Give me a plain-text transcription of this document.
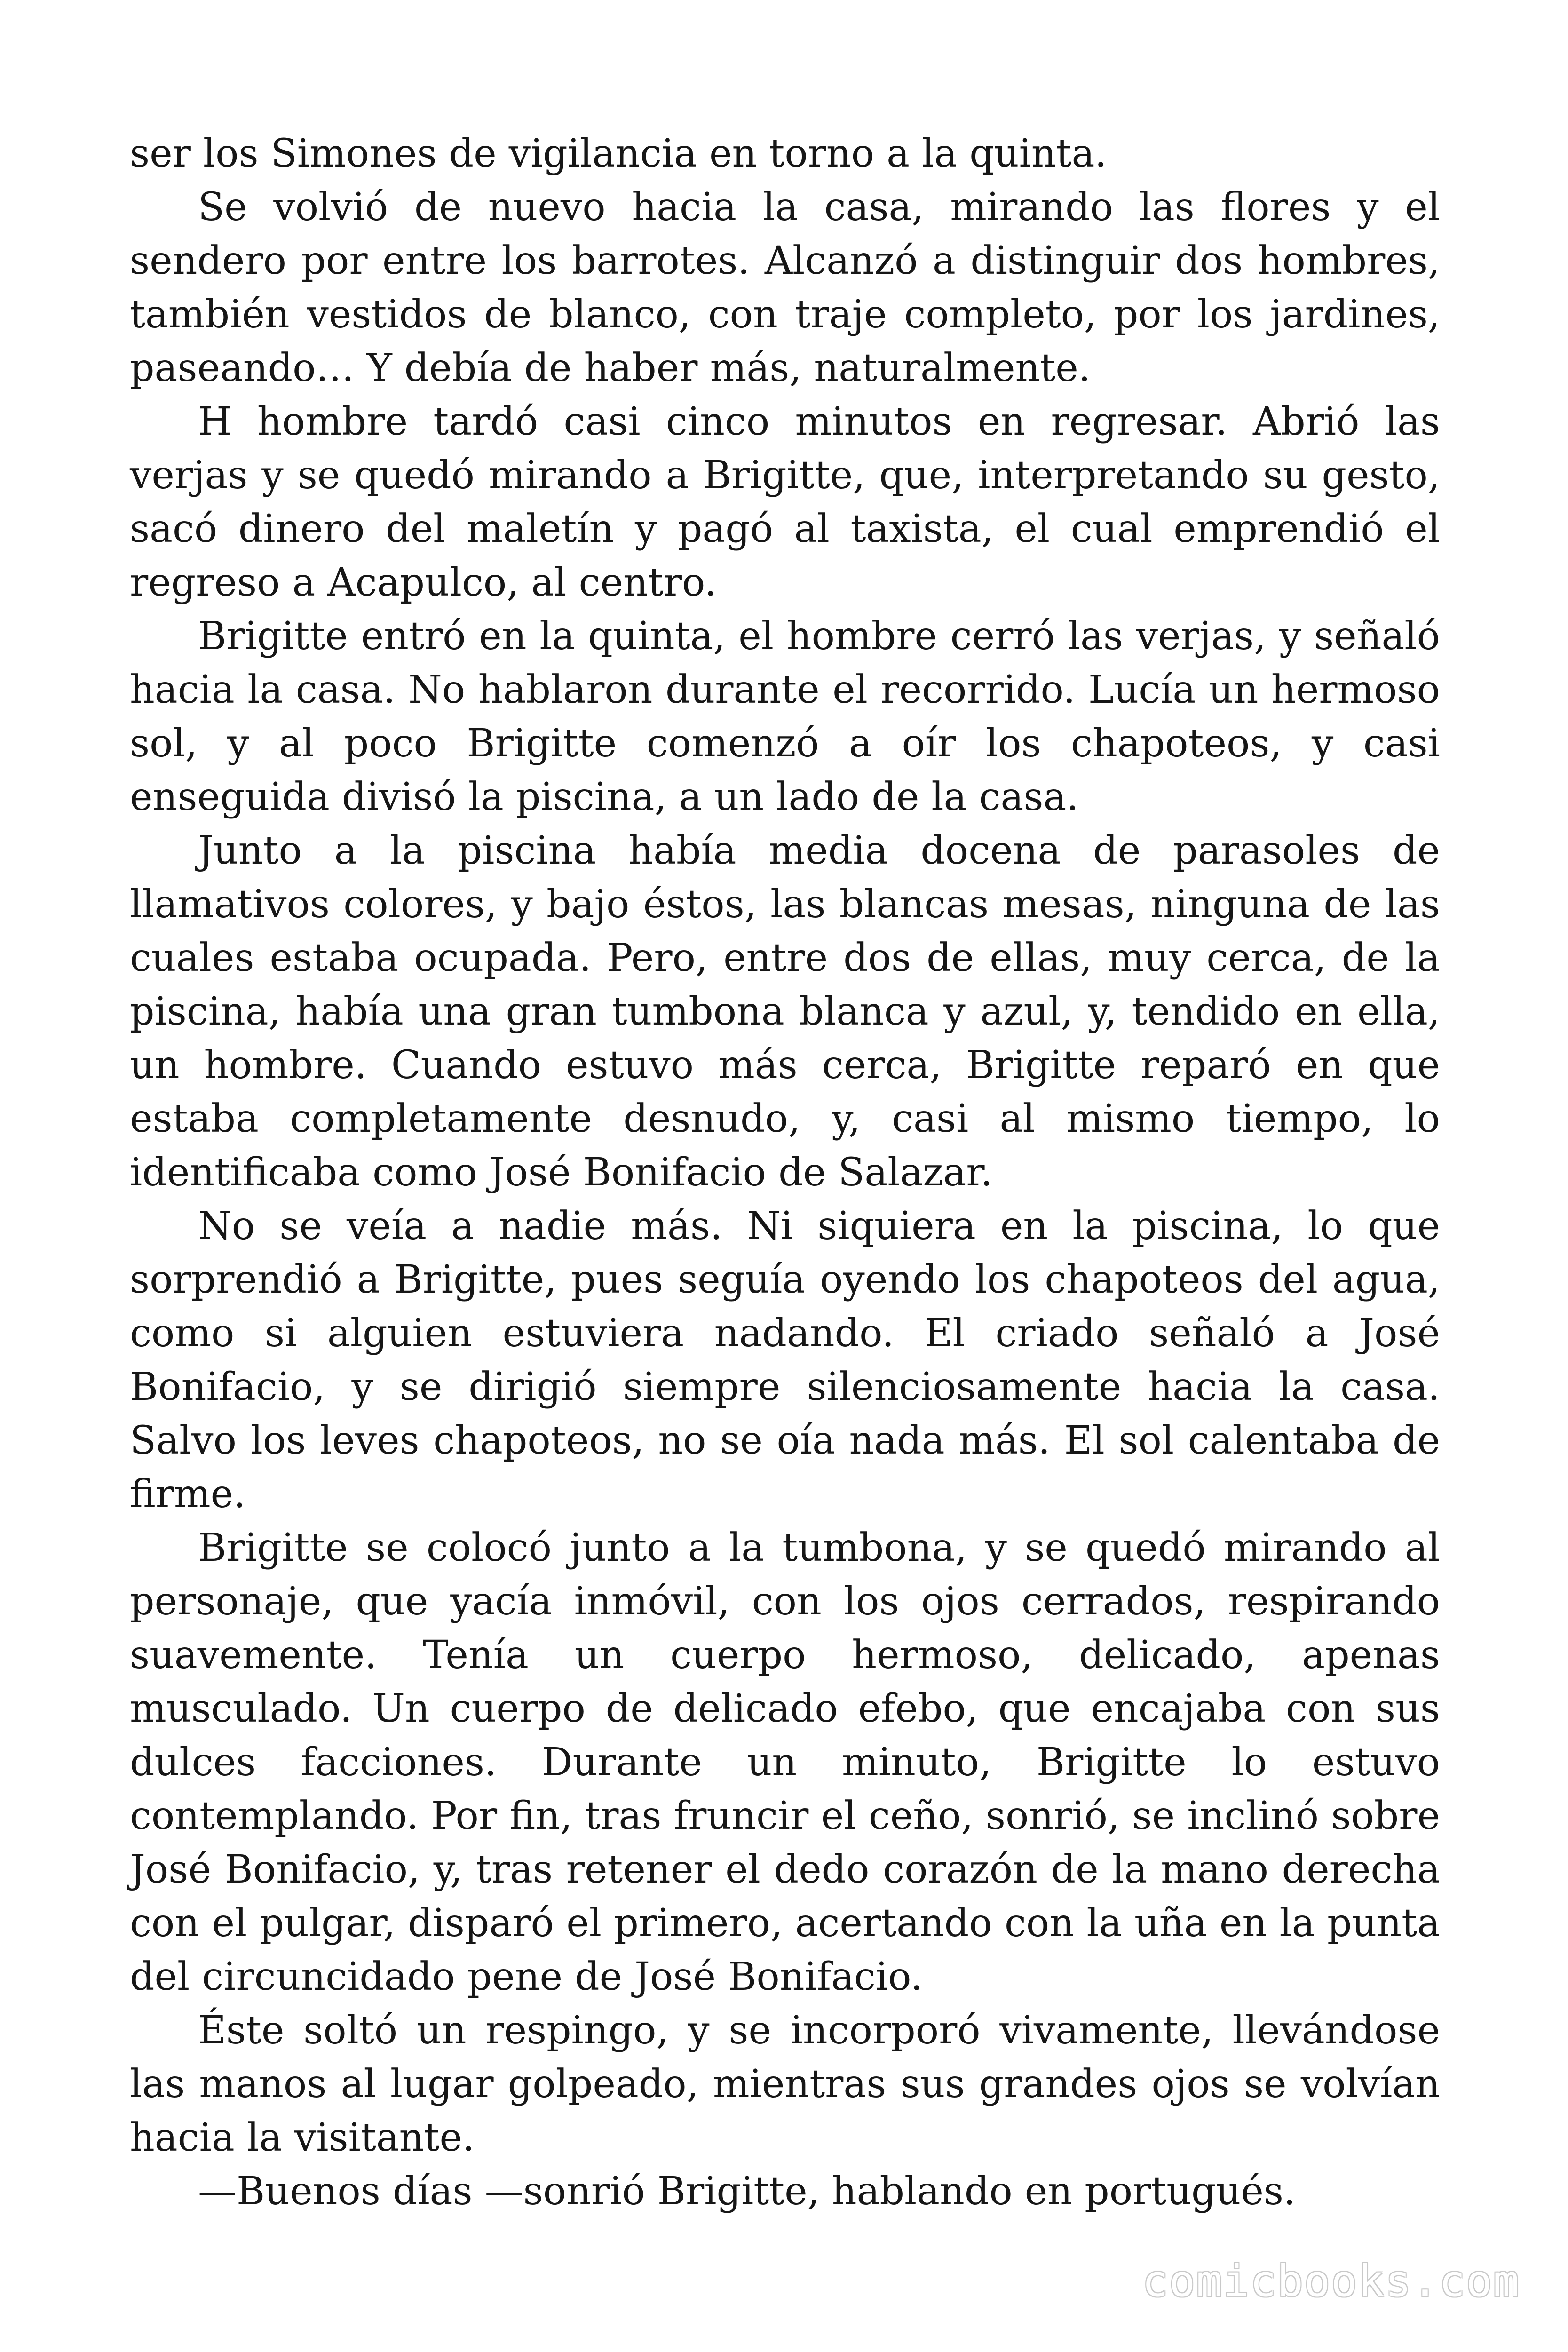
ser los Simones de vigilancia en torno a la quinta.

Se volvió de nuevo hacia la casa, mirando las flores y el sendero por entre los barrotes. Alcanzó a distinguir dos hombres, también vestidos de blanco, con traje completo, por los jardines, paseando… Y debía de haber más, naturalmente.

H hombre tardó casi cinco minutos en regresar. Abrió las verjas y se quedó mirando a Brigitte, que, interpretando su gesto, sacó dinero del maletín y pagó al taxista, el cual emprendió el regreso a Acapulco, al centro.

Brigitte entró en la quinta, el hombre cerró las verjas, y señaló hacia la casa. No hablaron durante el recorrido. Lucía un hermoso sol, y al poco Brigitte comenzó a oír los chapoteos, y casi enseguida divisó la piscina, a un lado de la casa.

Junto a la piscina había media docena de parasoles de llamativos colores, y bajo éstos, las blancas mesas, ninguna de las cuales estaba ocupada. Pero, entre dos de ellas, muy cerca, de la piscina, había una gran tumbona blanca y azul, y, tendido en ella, un hombre. Cuando estuvo más cerca, Brigitte reparó en que estaba completamente desnudo, y, casi al mismo tiempo, lo identificaba como José Bonifacio de Salazar.

No se veía a nadie más. Ni siquiera en la piscina, lo que sorprendió a Brigitte, pues seguía oyendo los chapoteos del agua, como si alguien estuviera nadando. El criado señaló a José Bonifacio, y se dirigió siempre silenciosamente hacia la casa. Salvo los leves chapoteos, no se oía nada más. El sol calentaba de firme.

Brigitte se colocó junto a la tumbona, y se quedó mirando al personaje, que yacía inmóvil, con los ojos cerrados, respirando suavemente. Tenía un cuerpo hermoso, delicado, apenas musculado. Un cuerpo de delicado efebo, que encajaba con sus dulces facciones. Durante un minuto, Brigitte lo estuvo contemplando. Por fin, tras fruncir el ceño, sonrió, se inclinó sobre José Bonifacio, y, tras retener el dedo corazón de la mano derecha con el pulgar, disparó el primero, acertando con la uña en la punta del circuncidado pene de José Bonifacio.

Éste soltó un respingo, y se incorporó vivamente, llevándose las manos al lugar golpeado, mientras sus grandes ojos se volvían hacia la visitante.

—Buenos días —sonrió Brigitte, hablando en portugués.

comicbooks.com
